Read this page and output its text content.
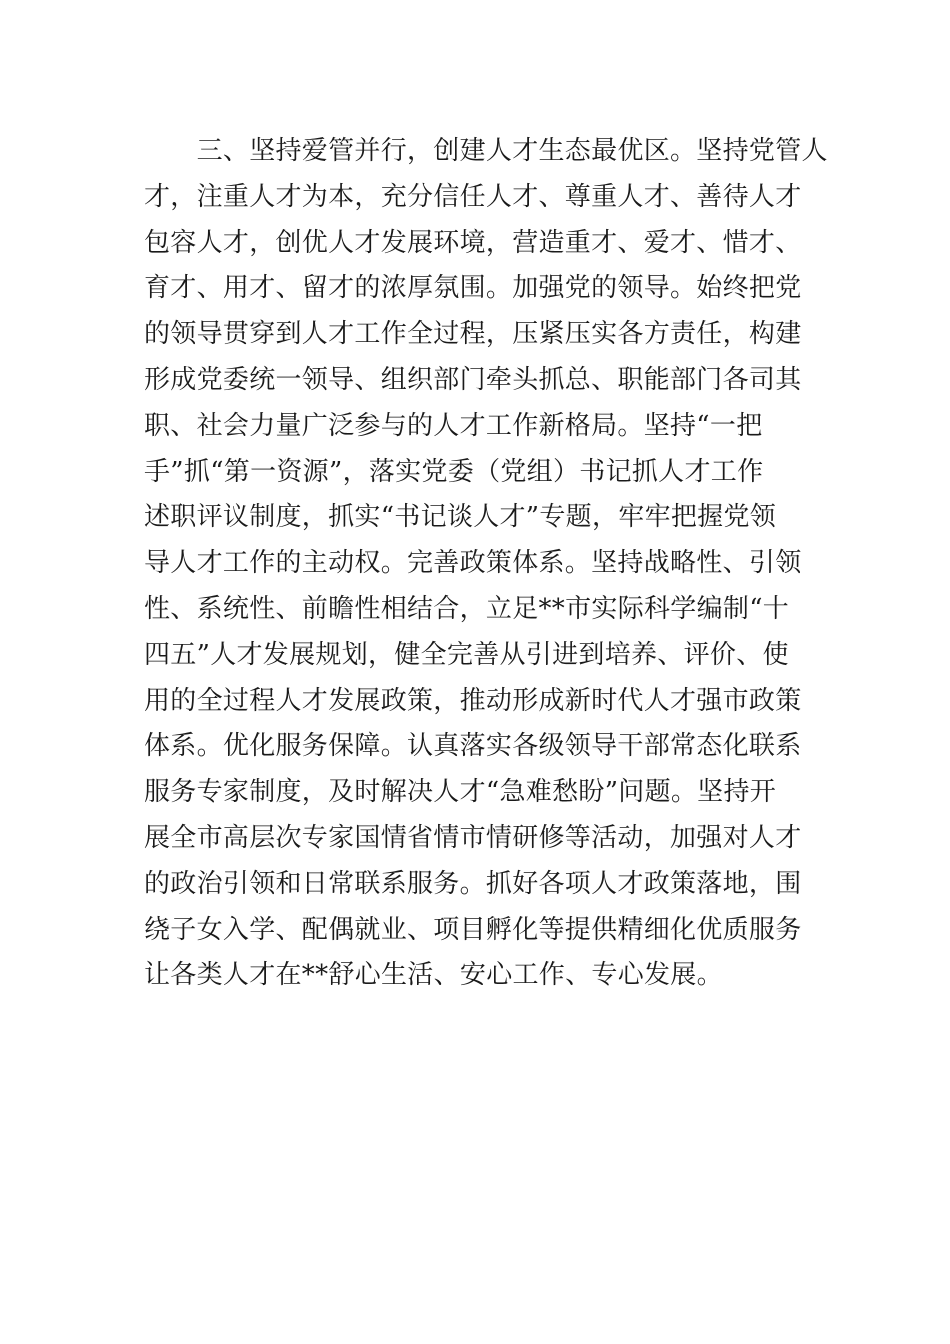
　　三、坚持爱管并行，创建人才生态最优区。坚持党管人
才，注重人才为本，充分信任人才、尊重人才、善待人才
包容人才，创优人才发展环境，营造重才、爱才、惜才、
育才、用才、留才的浓厚氛围。加强党的领导。始终把党
的领导贯穿到人才工作全过程，压紧压实各方责任，构建
形成党委统一领导、组织部门牵头抓总、职能部门各司其
职、社会力量广泛参与的人才工作新格局。坚持“一把
手”抓“第一资源”，落实党委（党组）书记抓人才工作
述职评议制度，抓实“书记谈人才”专题，牢牢把握党领
导人才工作的主动权。完善政策体系。坚持战略性、引领
性、系统性、前瞻性相结合，立足**市实际科学编制“十
四五”人才发展规划，健全完善从引进到培养、评价、使
用的全过程人才发展政策，推动形成新时代人才强市政策
体系。优化服务保障。认真落实各级领导干部常态化联系
服务专家制度，及时解决人才“急难愁盼”问题。坚持开
展全市高层次专家国情省情市情研修等活动，加强对人才
的政治引领和日常联系服务。抓好各项人才政策落地，围
绕子女入学、配偶就业、项目孵化等提供精细化优质服务
让各类人才在**舒心生活、安心工作、专心发展。
